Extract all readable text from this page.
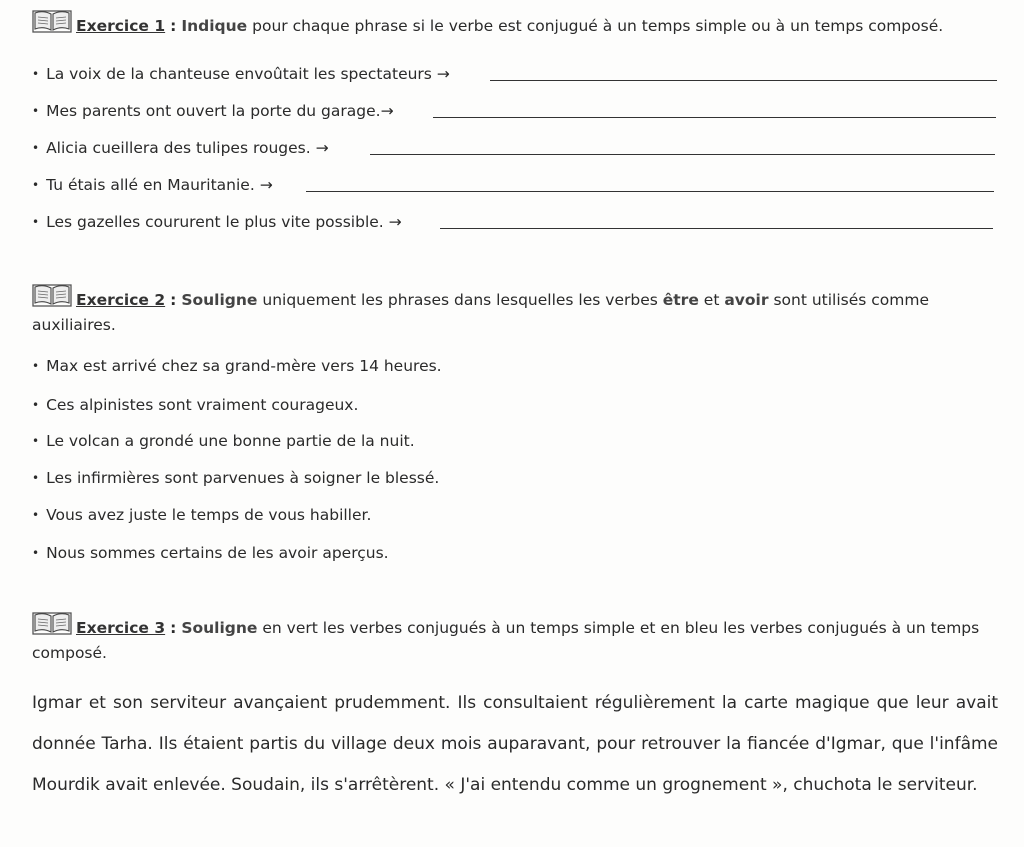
Exercice 1 : Indique pour chaque phrase si le verbe est conjugué à un temps simple ou à un temps composé.
• La voix de la chanteuse envoûtait les spectateurs →
• Mes parents ont ouvert la porte du garage.→
• Alicia cueillera des tulipes rouges. →
• Tu étais allé en Mauritanie. →
• Les gazelles coururent le plus vite possible. →
Exercice 2 : Souligne uniquement les phrases dans lesquelles les verbes être et avoir sont utilisés comme auxiliaires.
• Max est arrivé chez sa grand-mère vers 14 heures.
• Ces alpinistes sont vraiment courageux.
• Le volcan a grondé une bonne partie de la nuit.
• Les infirmières sont parvenues à soigner le blessé.
• Vous avez juste le temps de vous habiller.
• Nous sommes certains de les avoir aperçus.
Exercice 3 : Souligne en vert les verbes conjugués à un temps simple et en bleu les verbes conjugués à un temps composé.
Igmar et son serviteur avançaient prudemment. Ils consultaient régulièrement la carte magique que leur avait donnée Tarha. Ils étaient partis du village deux mois auparavant, pour retrouver la fiancée d'Igmar, que l'infâme Mourdik avait enlevée. Soudain, ils s'arrêtèrent. « J'ai entendu comme un grognement », chuchota le serviteur.
